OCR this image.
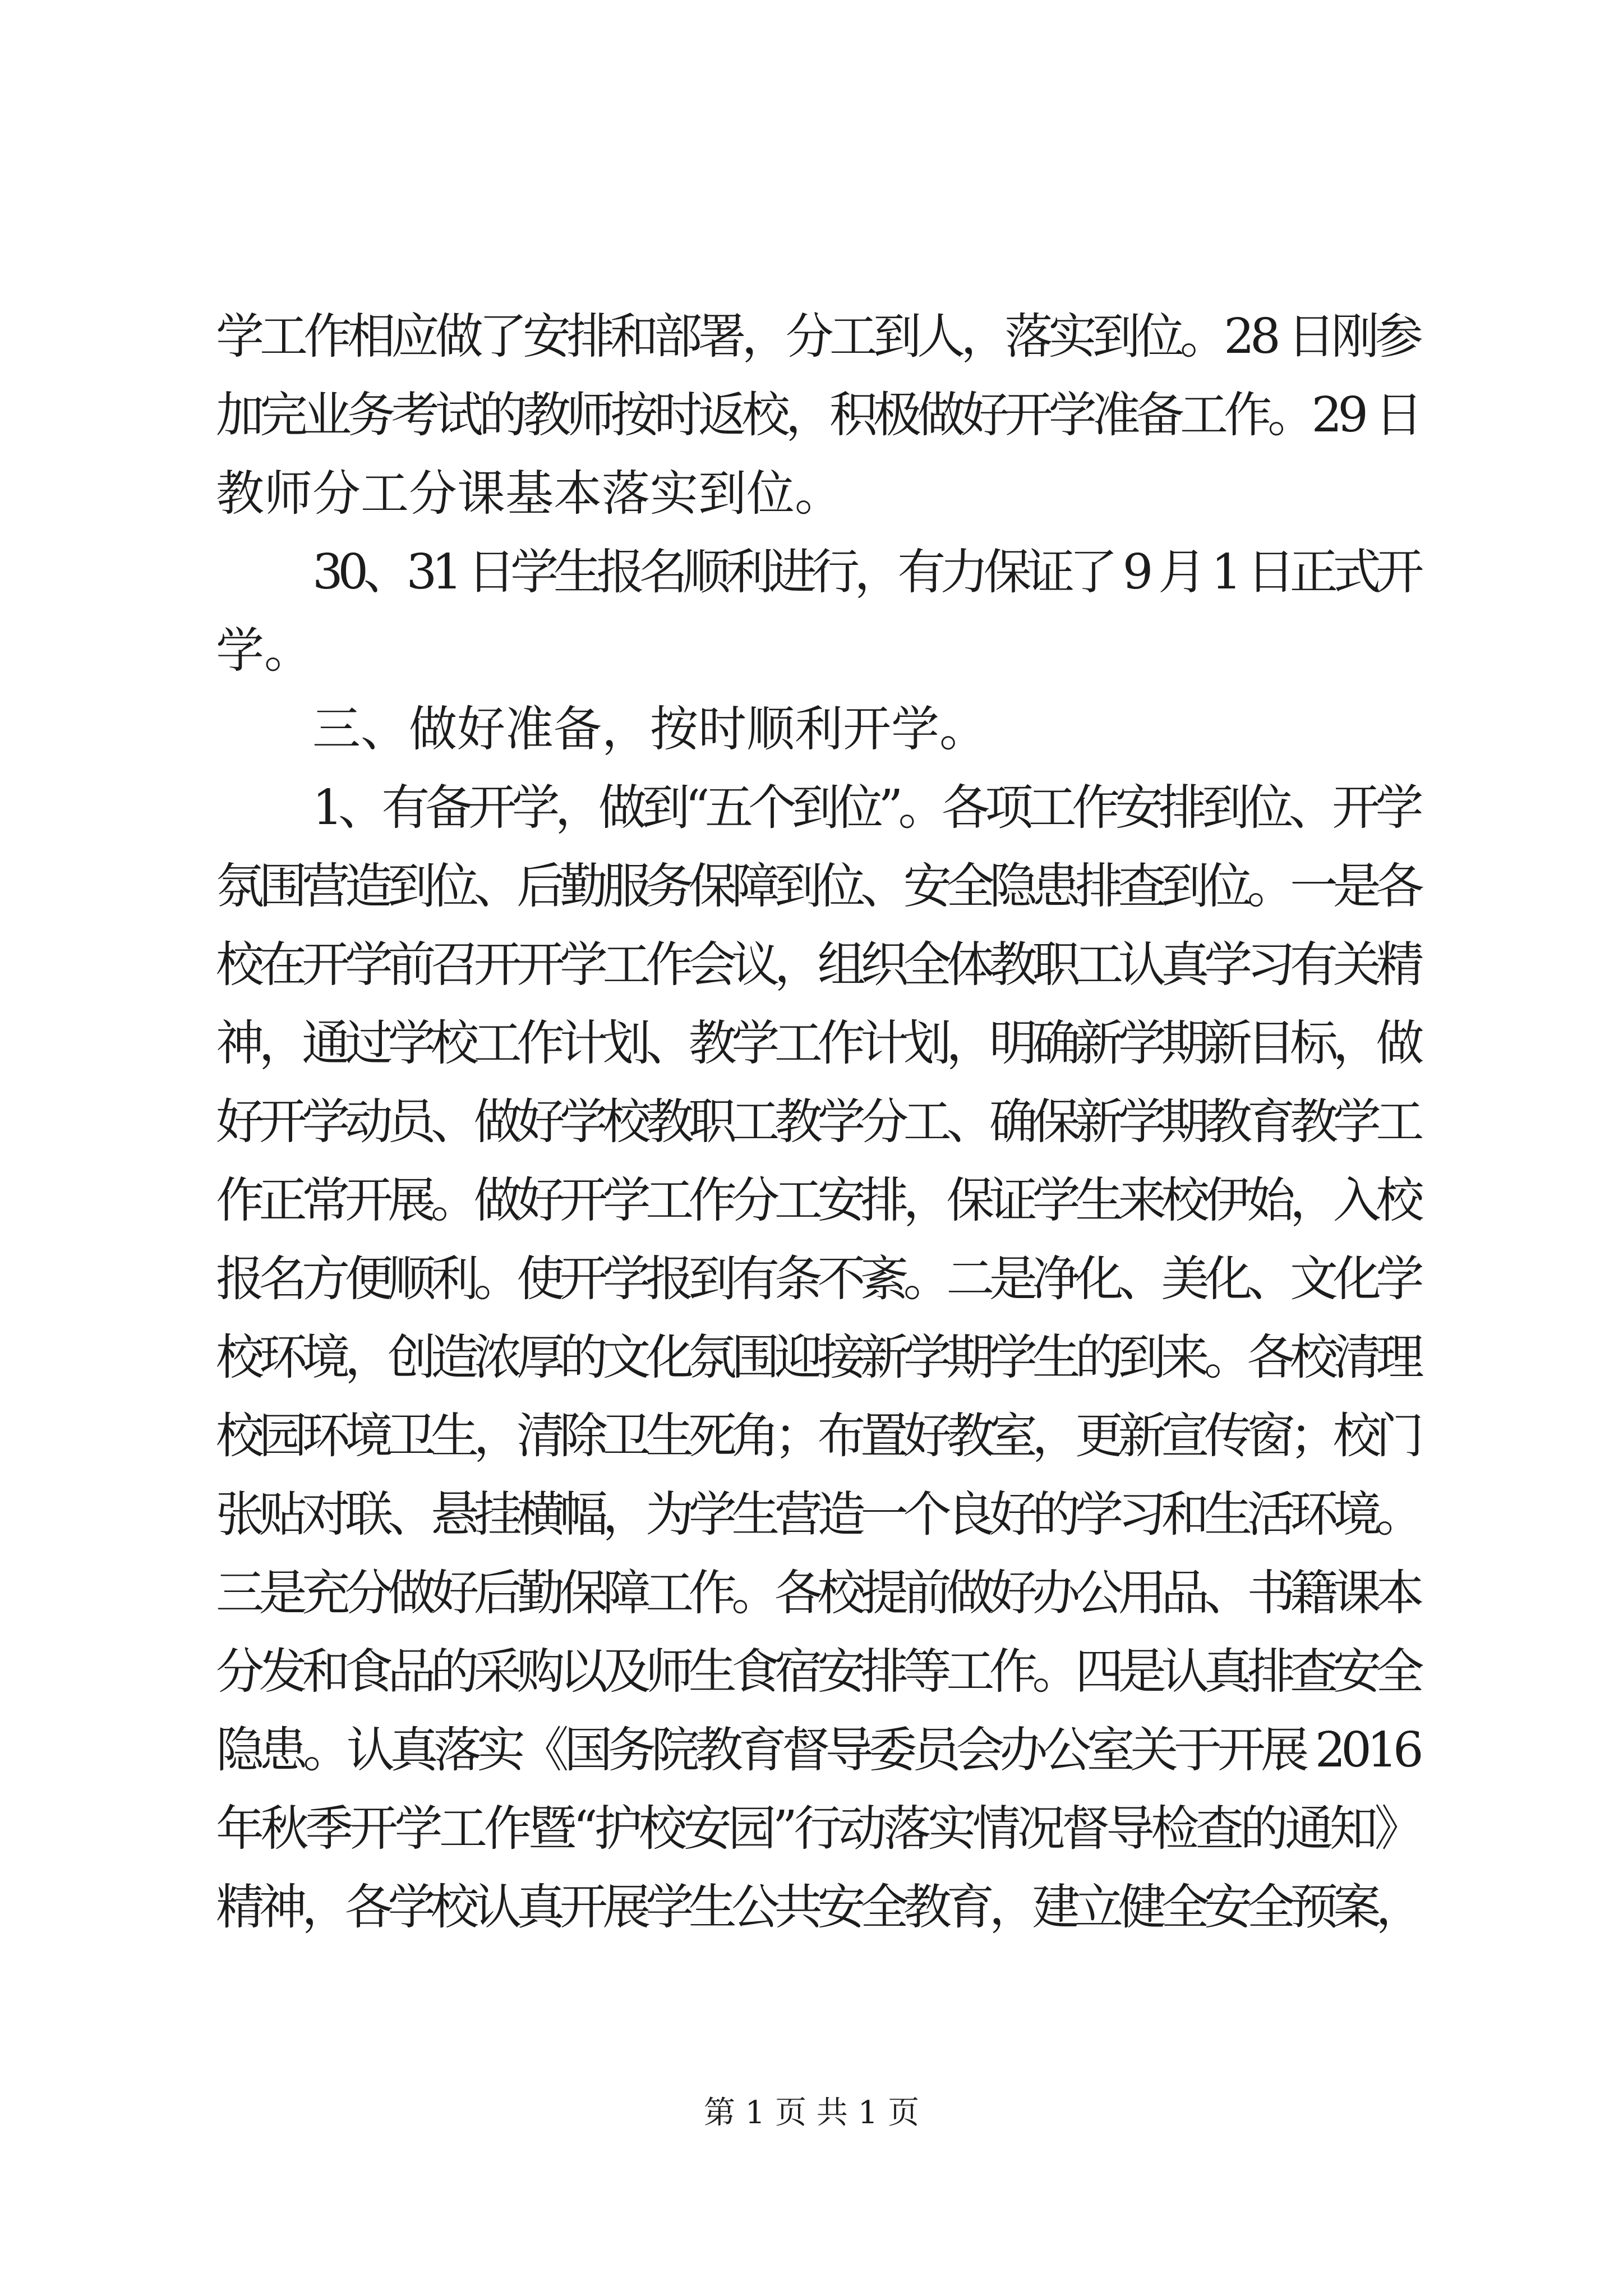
学工作相应做了安排和部署，分工到人，落实到位。28 日刚参
加完业务考试的教师按时返校，积极做好开学准备工作。29 日
教师分工分课基本落实到位。
30、31 日学生报名顺利进行，有力保证了 9 月 1 日正式开
学。
三、做好准备，按时顺利开学。
1、有备开学，做到“五个到位”。各项工作安排到位、开学
氛围营造到位、后勤服务保障到位、安全隐患排查到位。一是各
校在开学前召开开学工作会议，组织全体教职工认真学习有关精
神，通过学校工作计划、教学工作计划，明确新学期新目标，做
好开学动员、做好学校教职工教学分工、确保新学期教育教学工
作正常开展。做好开学工作分工安排，保证学生来校伊始，入校
报名方便顺利。使开学报到有条不紊。二是净化、美化、文化学
校环境，创造浓厚的文化氛围迎接新学期学生的到来。各校清理
校园环境卫生，清除卫生死角；布置好教室，更新宣传窗；校门
张贴对联、悬挂横幅，为学生营造一个良好的学习和生活环境。
三是充分做好后勤保障工作。各校提前做好办公用品、书籍课本
分发和食品的采购以及师生食宿安排等工作。四是认真排查安全
隐患。认真落实《国务院教育督导委员会办公室关于开展 2016
年秋季开学工作暨“护校安园”行动落实情况督导检查的通知》
精神，各学校认真开展学生公共安全教育，建立健全安全预案，
第 1 页 共 1 页
